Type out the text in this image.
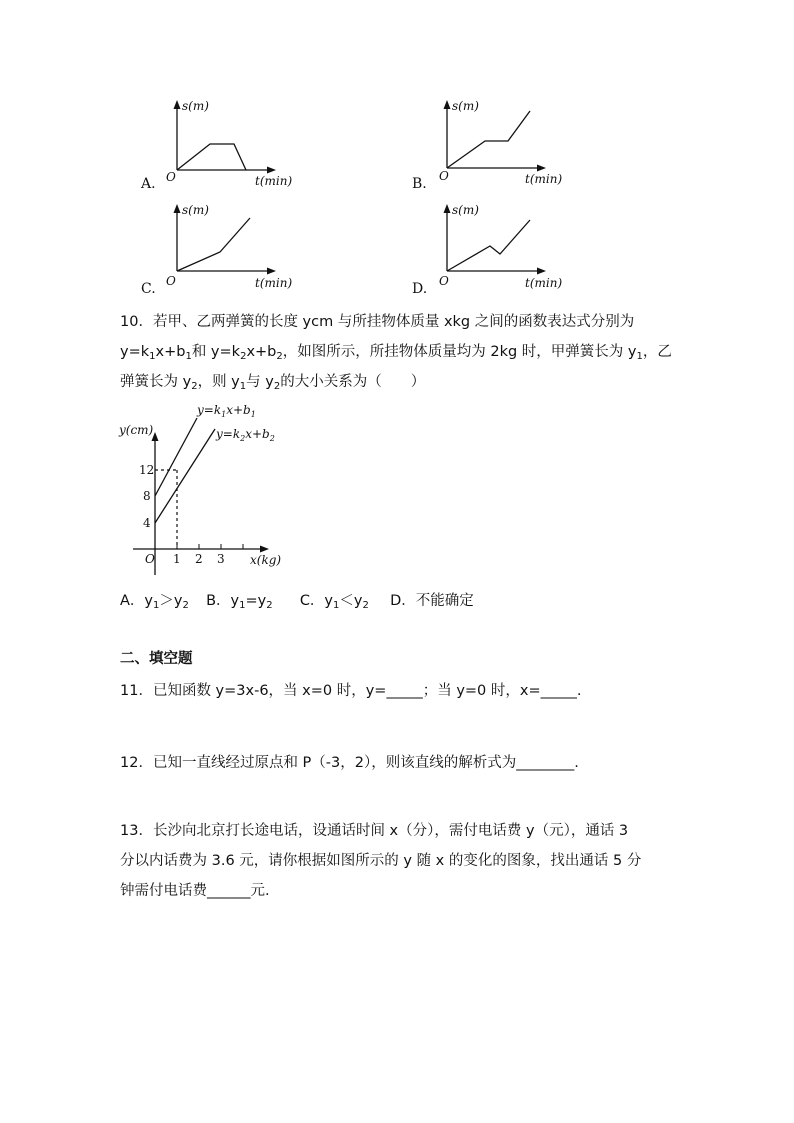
s(m)
O	t(min)
A.
s(m)
O	t(min)
B.
s(m)
O	t(min)
C.
s(m)
O	t(min)
D.
10．若甲、乙两弹簧的长度 ycm 与所挂物体质量 xkg 之间的函数表达式分别为
$y=k_1x+b_1$和 $y=k_2x+b_2$，如图所示，所挂物体质量均为 2kg 时，甲弹簧长为 $y_1$，乙
弹簧长为 $y_2$，则 $y_1$与 $y_2$的大小关系为（　　）
y(cm)
x(kg)
O
12
8
4
1 2 3
$y=k_1x+b_1$
$y=k_2x+b_2$
A．$y_1>y_2$ B．$y_1=y_2$ C．$y_1<y_2$ D．不能确定
二、填空题
11．已知函数 y=3x-6，当 x=0 时，y=_____；当 y=0 时，x=_____.
12．已知一直线经过原点和 P（-3，2），则该直线的解析式为________.
13．长沙向北京打长途电话，设通话时间 x（分），需付电话费 y（元），通话 3
分以内话费为 3.6 元，请你根据如图所示的 y 随 x 的变化的图象，找出通话 5 分
钟需付电话费______元.
